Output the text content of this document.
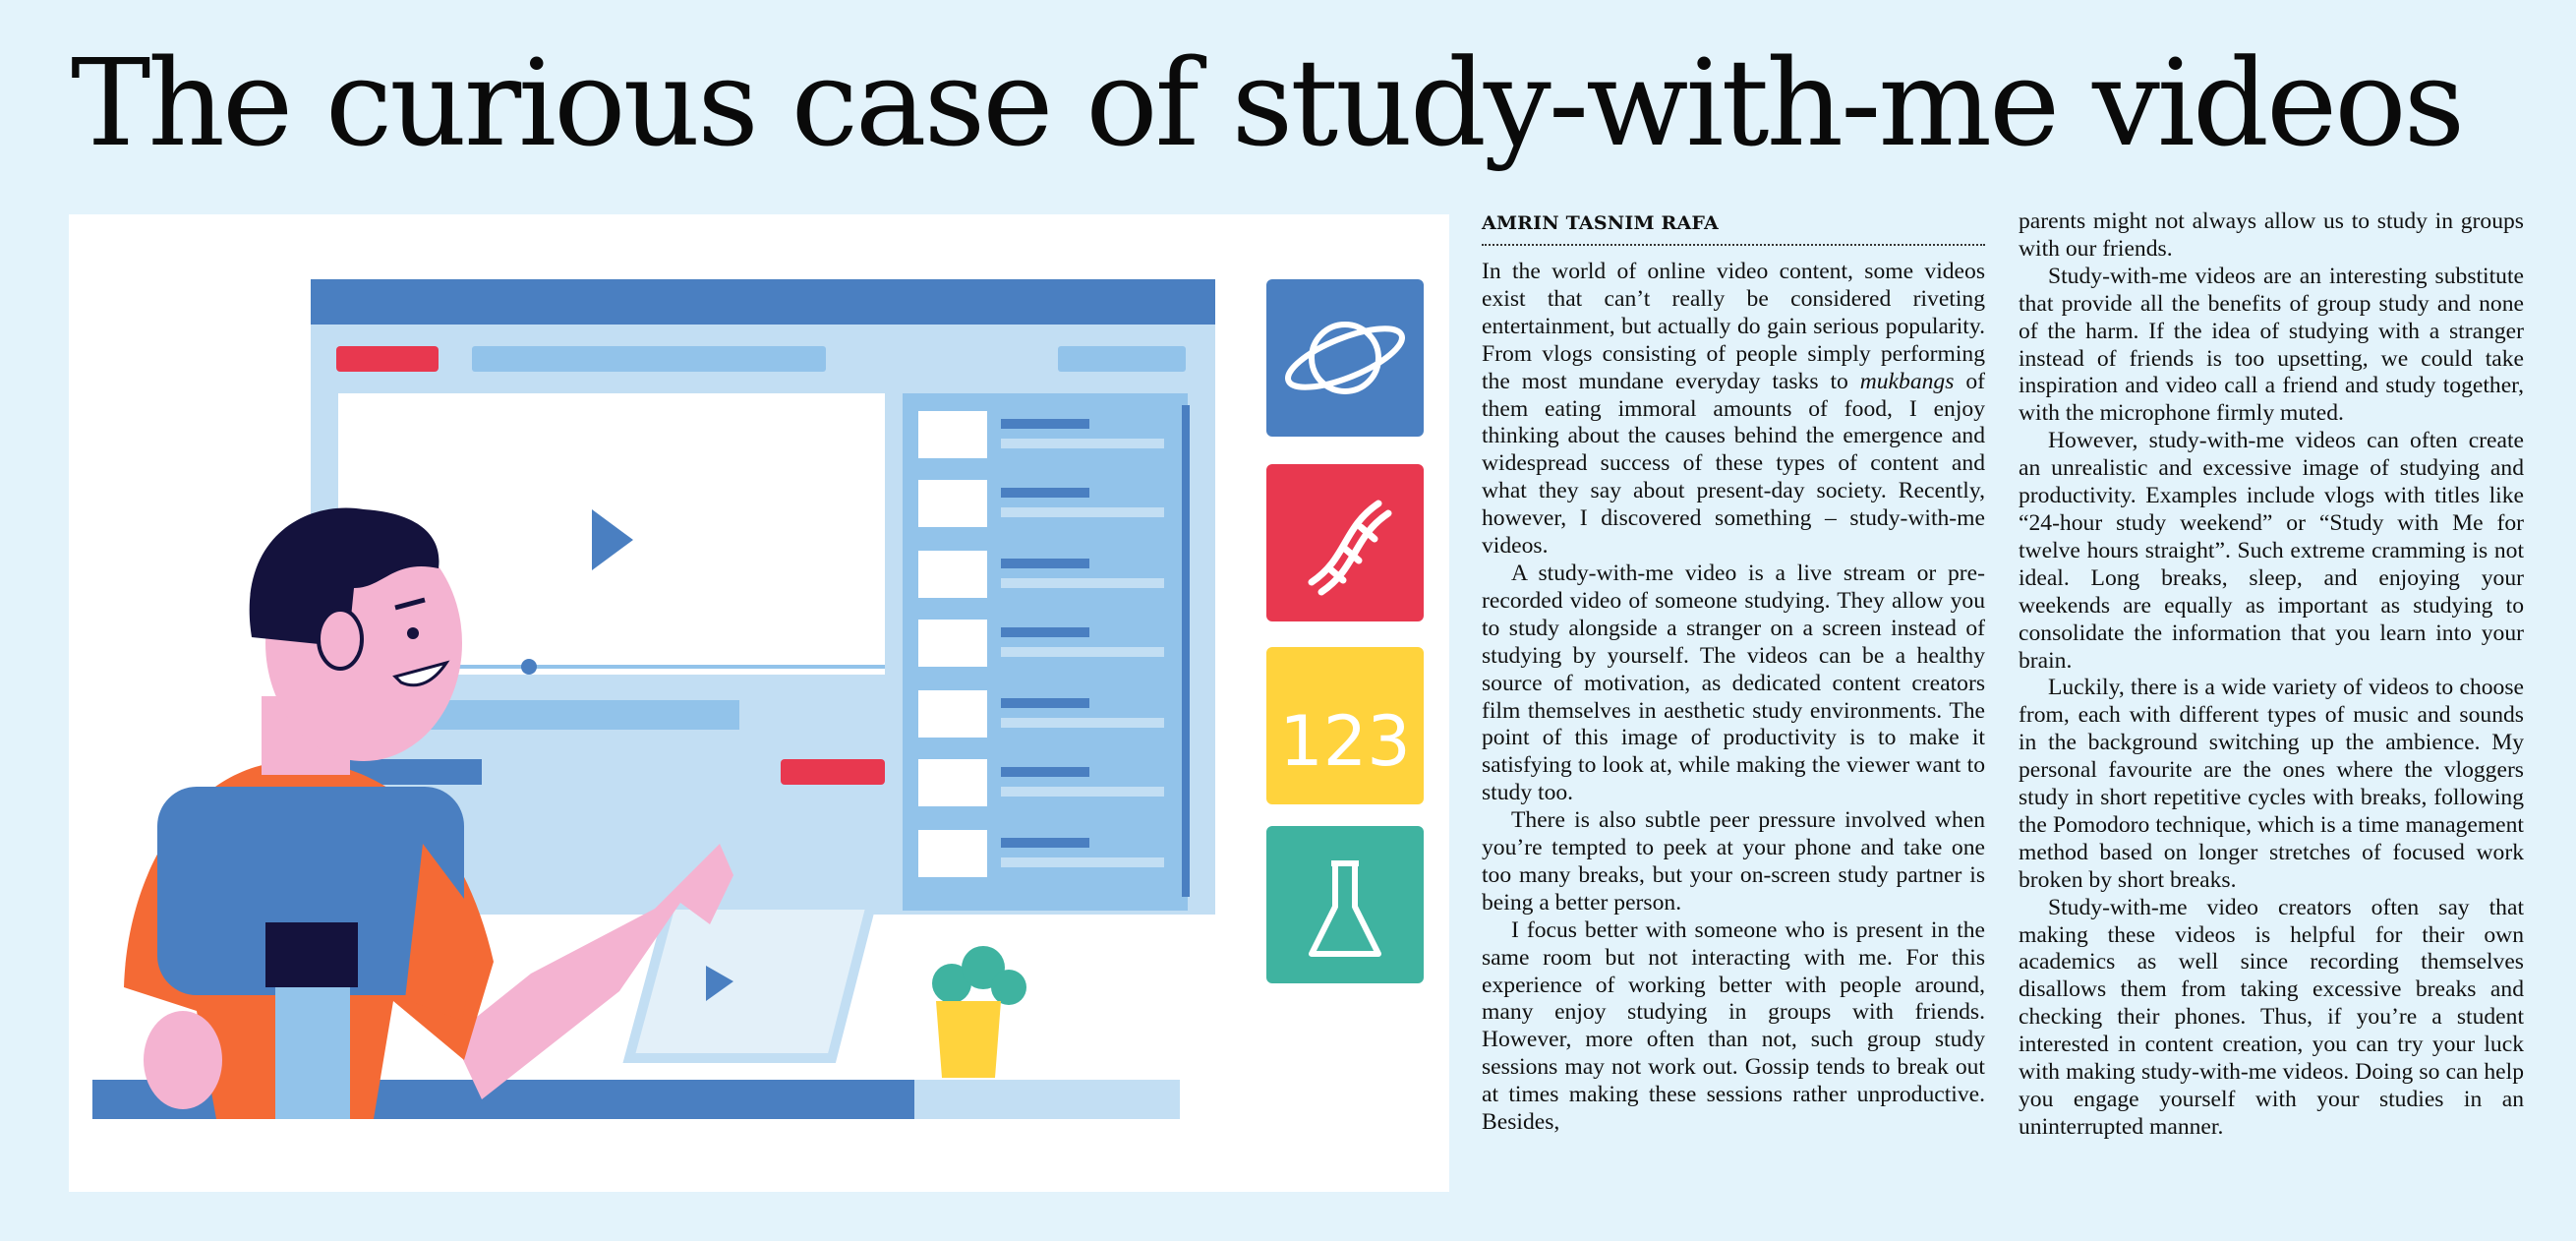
The curious case of study-with-me videos
123
AMRIN TASNIM RAFA

In the world of online video content, some videos exist that can’t really be considered riveting entertainment, but actually do gain serious popularity. From vlogs consisting of people simply performing the most mundane everyday tasks to mukbangs of them eating immoral amounts of food, I enjoy thinking about the causes behind the emergence and widespread success of these types of content and what they say about present-day society. Recently, however, I discovered something – study-with-me videos.

A study-with-me video is a live stream or pre-recorded video of someone studying. They allow you to study alongside a stranger on a screen instead of studying by yourself. The videos can be a healthy source of motivation, as dedicated content creators film themselves in aesthetic study environments. The point of this image of productivity is to make it satisfying to look at, while making the viewer want to study too.

There is also subtle peer pressure involved when you’re tempted to peek at your phone and take one too many breaks, but your on-screen study partner is being a better person.

I focus better with someone who is present in the same room but not interacting with me. For this experience of working better with people around, many enjoy studying in groups with friends. However, more often than not, such group study sessions may not work out. Gossip tends to break out at times making these sessions rather unproductive. Besides,

parents might not always allow us to study in groups with our friends.

Study-with-me videos are an interesting substitute that provide all the benefits of group study and none of the harm. If the idea of studying with a stranger instead of friends is too upsetting, we could take inspiration and video call a friend and study together, with the microphone firmly muted.

However, study-with-me videos can often create an unrealistic and excessive image of studying and productivity. Examples include vlogs with titles like “24-hour study weekend” or “Study with Me for twelve hours straight”. Such extreme cramming is not ideal. Long breaks, sleep, and enjoying your weekends are equally as important as studying to consolidate the information that you learn into your brain.

Luckily, there is a wide variety of videos to choose from, each with different types of music and sounds in the background switching up the ambience. My personal favourite are the ones where the vloggers study in short repetitive cycles with breaks, following the Pomodoro technique, which is a time management method based on longer stretches of focused work broken by short breaks.

Study-with-me video creators often say that making these videos is helpful for their own academics as well since recording themselves disallows them from taking excessive breaks and checking their phones. Thus, if you’re a student interested in content creation, you can try your luck with making study-with-me videos. Doing so can help you engage yourself with your studies in an uninterrupted manner.
